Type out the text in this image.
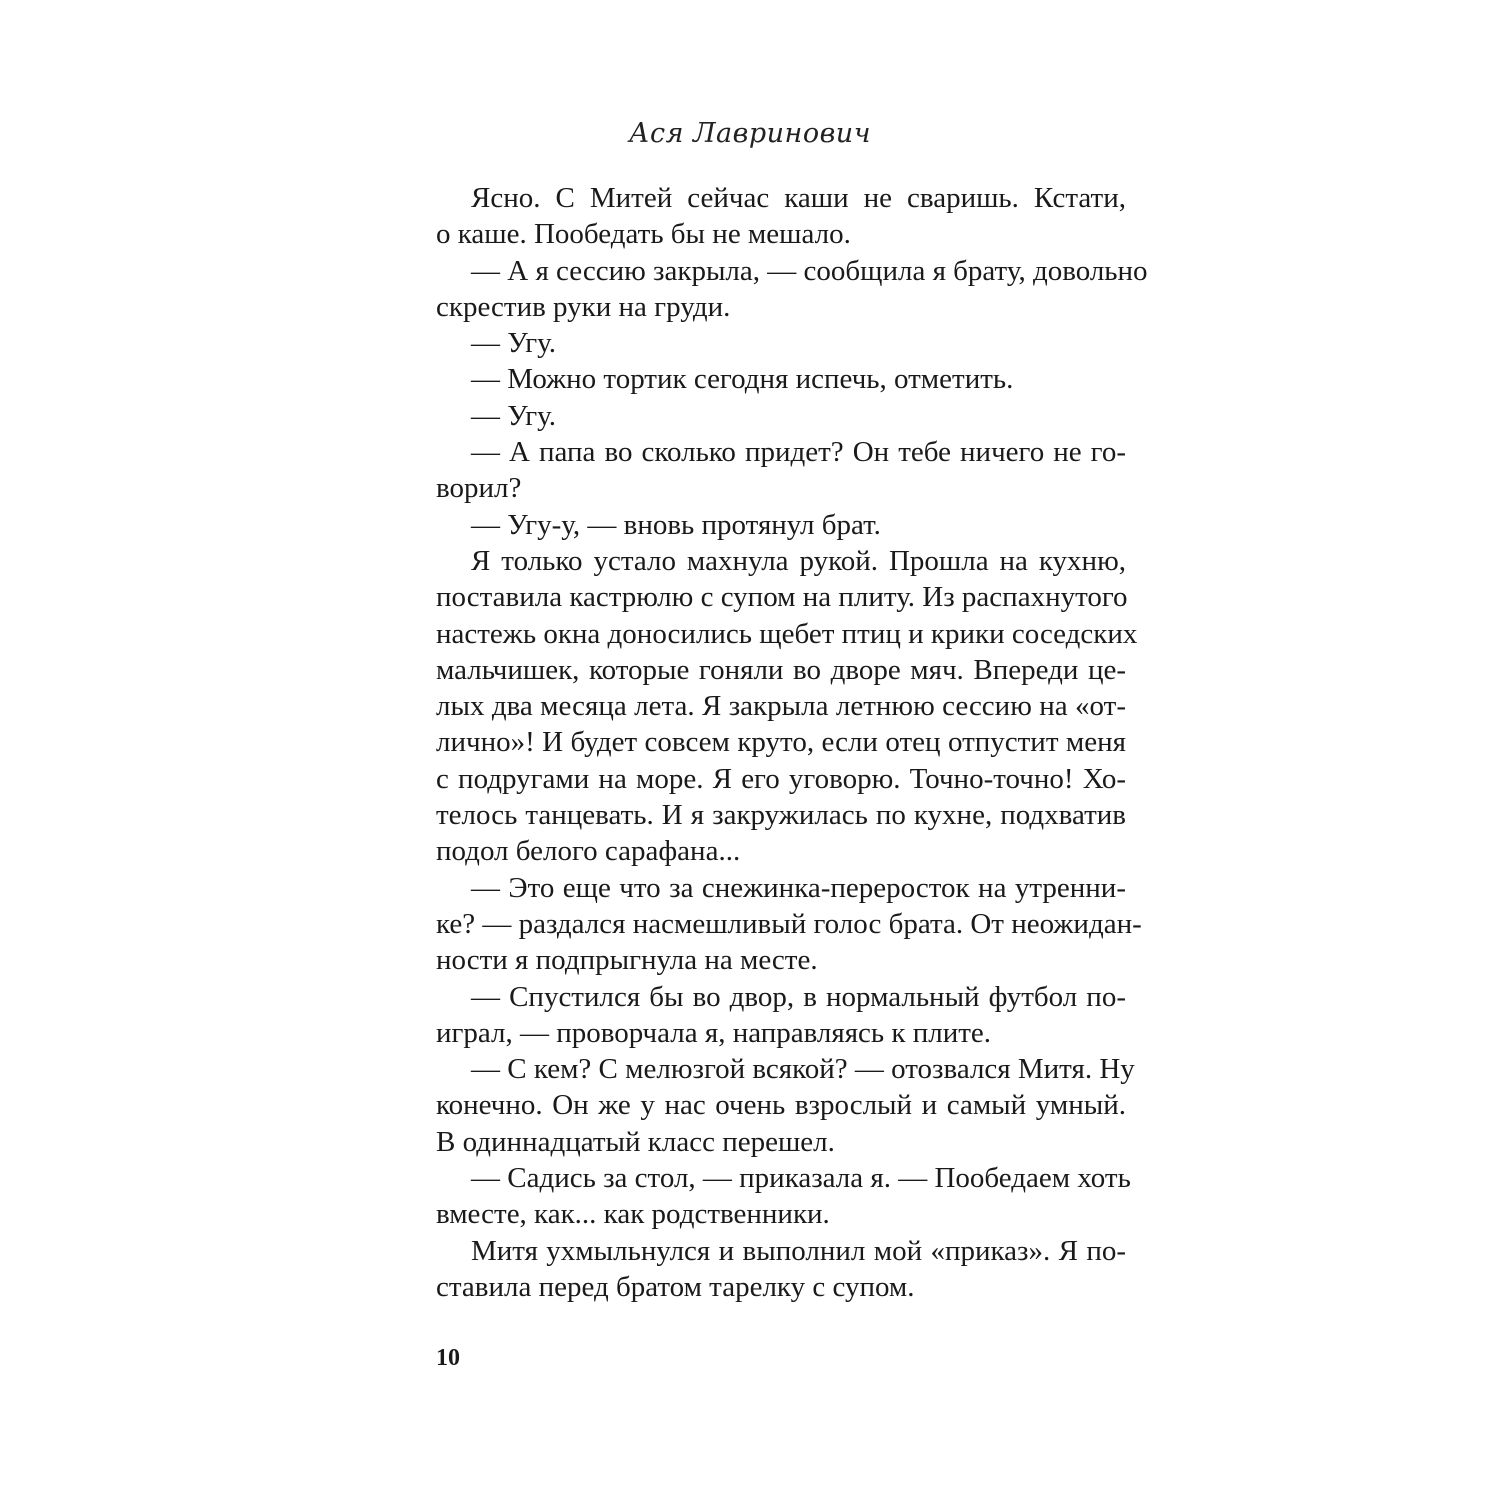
Ася Лавринович
Ясно. С Митей сейчас каши не сваришь. Кстати,
о каше. Пообедать бы не мешало.
— А я сессию закрыла, — сообщила я брату, довольно
скрестив руки на груди.
— Угу.
— Можно тортик сегодня испечь, отметить.
— Угу.
— А папа во сколько придет? Он тебе ничего не го-
ворил?
— Угу-у, — вновь протянул брат.
Я только устало махнула рукой. Прошла на кухню,
поставила кастрюлю с супом на плиту. Из распахнутого
настежь окна доносились щебет птиц и крики соседских
мальчишек, которые гоняли во дворе мяч. Впереди це-
лых два месяца лета. Я закрыла летнюю сессию на «от-
лично»! И будет совсем круто, если отец отпустит меня
с подругами на море. Я его уговорю. Точно-точно! Хо-
телось танцевать. И я закружилась по кухне, подхватив
подол белого сарафана...
— Это еще что за снежинка-переросток на утренни-
ке? — раздался насмешливый голос брата. От неожидан-
ности я подпрыгнула на месте.
— Спустился бы во двор, в нормальный футбол по-
играл, — проворчала я, направляясь к плите.
— С кем? С мелюзгой всякой? — отозвался Митя. Ну
конечно. Он же у нас очень взрослый и самый умный.
В одиннадцатый класс перешел.
— Садись за стол, — приказала я. — Пообедаем хоть
вместе, как... как родственники.
Митя ухмыльнулся и выполнил мой «приказ». Я по-
ставила перед братом тарелку с супом.
10
